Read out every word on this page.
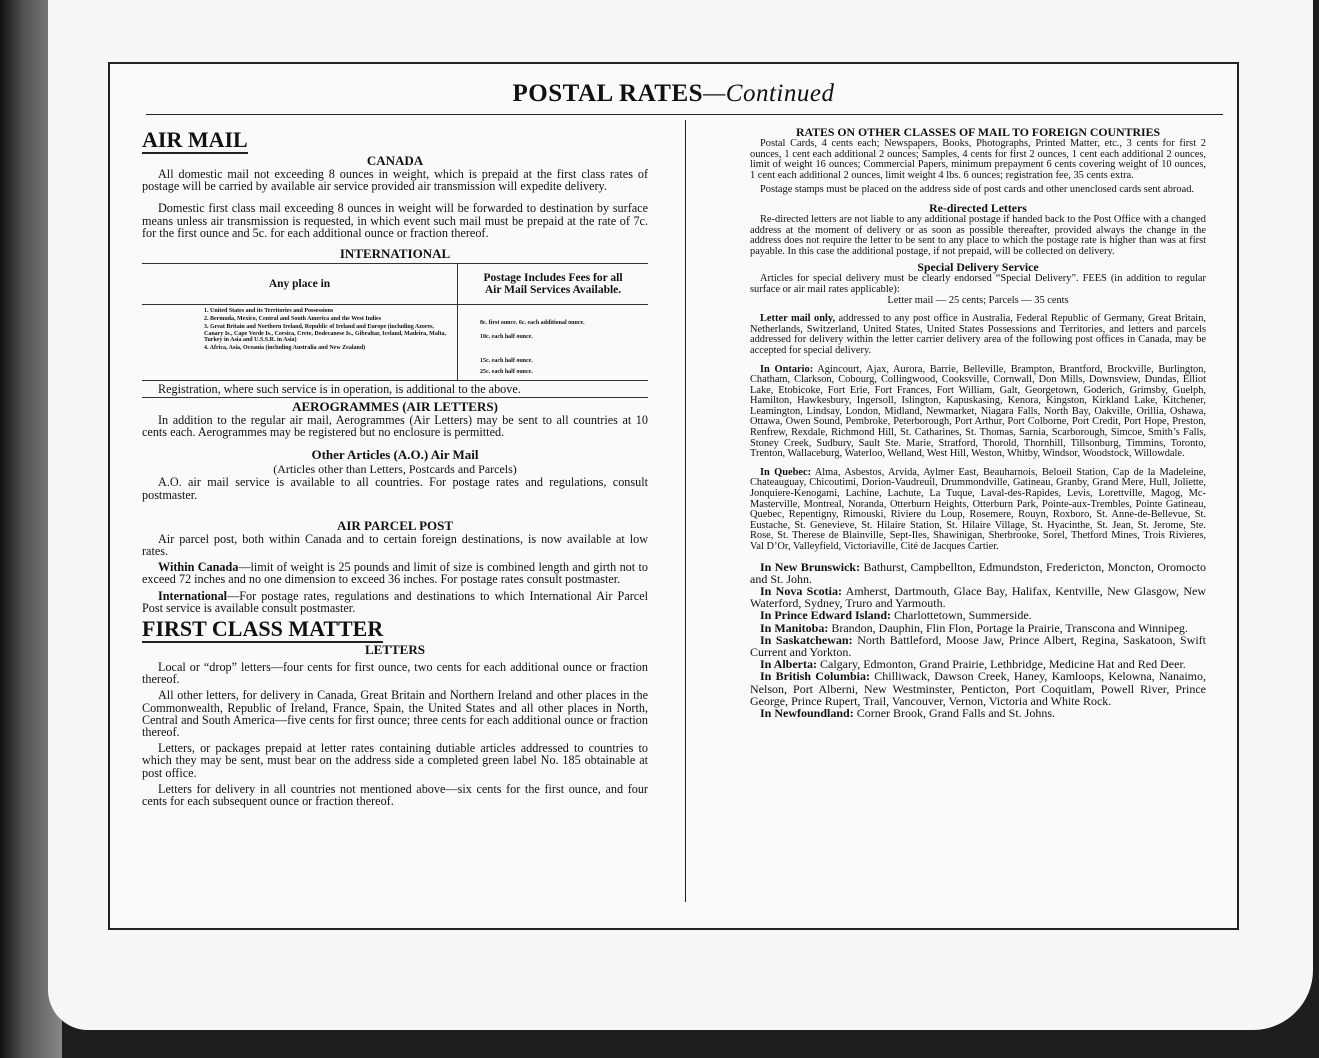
POSTAL RATES—Continued
AIR MAIL
CANADA

All domestic mail not exceeding 8 ounces in weight, which is prepaid at the first class rates of postage will be carried by available air service provided air transmission will expedite delivery.

Domestic first class mail exceeding 8 ounces in weight will be forwarded to destination by surface means unless air transmission is requested, in which event such mail must be prepaid at the rate of 7c. for the first ounce and 5c. for each additional ounce or fraction thereof.

INTERNATIONAL
Any place in
1. United States and its Territories and Possessions
2. Bermuda, Mexico, Central and South America and the West Indies
3. Great Britain and Northern Ireland, Republic of Ireland and Europe (including Azores, Canary Is., Cape Verde Is., Corsica, Crete, Dodecanese Is., Gibraltar, Iceland, Madeira, Malta, Turkey in Asia and U.S.S.R. in Asia)
4. Africa, Asia, Oceania (including Australia and New Zealand)
Postage Includes Fees for all Air Mail Services Available.
8c. first ounce. 6c. each additional ounce.
10c. each half ounce.
15c. each half ounce.
25c. each half ounce.

Registration, where such service is in operation, is additional to the above.

AEROGRAMMES (AIR LETTERS)

In addition to the regular air mail, Aerogrammes (Air Letters) may be sent to all countries at 10 cents each. Aerogrammes may be registered but no enclosure is permitted.

Other Articles (A.O.) Air Mail
(Articles other than Letters, Postcards and Parcels)

A.O. air mail service is available to all countries. For postage rates and regulations, consult postmaster.

AIR PARCEL POST

Air parcel post, both within Canada and to certain foreign destinations, is now available at low rates.

Within Canada—limit of weight is 25 pounds and limit of size is combined length and girth not to exceed 72 inches and no one dimension to exceed 36 inches. For postage rates consult postmaster.

International—For postage rates, regulations and destinations to which International Air Parcel Post service is available consult postmaster.

FIRST CLASS MATTER
LETTERS

Local or “drop” letters—four cents for first ounce, two cents for each additional ounce or fraction thereof.

All other letters, for delivery in Canada, Great Britain and Northern Ireland and other places in the Commonwealth, Republic of Ireland, France, Spain, the United States and all other places in North, Central and South America—five cents for first ounce; three cents for each additional ounce or fraction thereof.

Letters, or packages prepaid at letter rates containing dutiable articles addressed to countries to which they may be sent, must bear on the address side a completed green label No. 185 obtainable at post office.

Letters for delivery in all countries not mentioned above—six cents for the first ounce, and four cents for each subsequent ounce or fraction thereof.

RATES ON OTHER CLASSES OF MAIL TO FOREIGN COUNTRIES

Postal Cards, 4 cents each; Newspapers, Books, Photographs, Printed Matter, etc., 3 cents for first 2 ounces, 1 cent each additional 2 ounces; Samples, 4 cents for first 2 ounces, 1 cent each additional 2 ounces, limit of weight 16 ounces; Commercial Papers, minimum prepayment 6 cents covering weight of 10 ounces, 1 cent each additional 2 ounces, limit weight 4 lbs. 6 ounces; registration fee, 35 cents extra.

Postage stamps must be placed on the address side of post cards and other unenclosed cards sent abroad.

Re-directed Letters

Re-directed letters are not liable to any additional postage if handed back to the Post Office with a changed address at the moment of delivery or as soon as possible thereafter, provided always the change in the address does not require the letter to be sent to any place to which the postage rate is higher than was at first payable. In this case the additional postage, if not prepaid, will be collected on delivery.

Special Delivery Service

Articles for special delivery must be clearly endorsed “Special Delivery”. FEES (in addition to regular surface or air mail rates applicable):

Letter mail — 25 cents; Parcels — 35 cents

Letter mail only, addressed to any post office in Australia, Federal Republic of Germany, Great Britain, Netherlands, Switzerland, United States, United States Possessions and Territories, and letters and parcels addressed for delivery within the letter carrier delivery area of the following post offices in Canada, may be accepted for special delivery.

In Ontario: Agincourt, Ajax, Aurora, Barrie, Belleville, Brampton, Brantford, Brockville, Burlington, Chatham, Clarkson, Cobourg, Collingwood, Cooksville, Cornwall, Don Mills, Downsview, Dundas, Elliot Lake, Etobicoke, Fort Erie, Fort Frances, Fort William, Galt, Georgetown, Goderich, Grimsby, Guelph, Hamilton, Hawkesbury, Ingersoll, Islington, Kapuskasing, Kenora, Kingston, Kirkland Lake, Kitchener, Leamington, Lindsay, London, Midland, Newmarket, Niagara Falls, North Bay, Oakville, Orillia, Oshawa, Ottawa, Owen Sound, Pembroke, Peterborough, Port Arthur, Port Colborne, Port Credit, Port Hope, Preston, Renfrew, Rexdale, Richmond Hill, St. Catharines, St. Thomas, Sarnia, Scarborough, Simcoe, Smith’s Falls, Stoney Creek, Sudbury, Sault Ste. Marie, Stratford, Thorold, Thornhill, Tillsonburg, Timmins, Toronto, Trenton, Wallaceburg, Waterloo, Welland, West Hill, Weston, Whitby, Windsor, Woodstock, Willowdale.

In Quebec: Alma, Asbestos, Arvida, Aylmer East, Beauharnois, Beloeil Station, Cap de la Madeleine, Chateauguay, Chicoutimi, Dorion-Vaudreuil, Drummondville, Gatineau, Granby, Grand Mere, Hull, Joliette, Jonquiere-Kenogami, Lachine, Lachute, La Tuque, Laval-des-Rapides, Levis, Lorettville, Magog, Mc-Masterville, Montreal, Noranda, Otterburn Heights, Otterburn Park, Pointe-aux-Trembles, Pointe Gatineau, Quebec, Repentigny, Rimouski, Riviere du Loup, Rosemere, Rouyn, Roxboro, St. Anne-de-Bellevue, St. Eustache, St. Genevieve, St. Hilaire Station, St. Hilaire Village, St. Hyacinthe, St. Jean, St. Jerome, Ste. Rose, St. Therese de Blainville, Sept-Iles, Shawinigan, Sherbrooke, Sorel, Thetford Mines, Trois Rivieres, Val D’Or, Valleyfield, Victoriaville, Cité de Jacques Cartier.

In New Brunswick: Bathurst, Campbellton, Edmundston, Fredericton, Moncton, Oromocto and St. John.

In Nova Scotia: Amherst, Dartmouth, Glace Bay, Halifax, Kentville, New Glasgow, New Waterford, Sydney, Truro and Yarmouth.

In Prince Edward Island: Charlottetown, Summerside.

In Manitoba: Brandon, Dauphin, Flin Flon, Portage la Prairie, Transcona and Winnipeg.

In Saskatchewan: North Battleford, Moose Jaw, Prince Albert, Regina, Saskatoon, Swift Current and Yorkton.

In Alberta: Calgary, Edmonton, Grand Prairie, Lethbridge, Medicine Hat and Red Deer.

In British Columbia: Chilliwack, Dawson Creek, Haney, Kamloops, Kelowna, Nanaimo, Nelson, Port Alberni, New Westminster, Penticton, Port Coquitlam, Powell River, Prince George, Prince Rupert, Trail, Vancouver, Vernon, Victoria and White Rock.

In Newfoundland: Corner Brook, Grand Falls and St. Johns.
